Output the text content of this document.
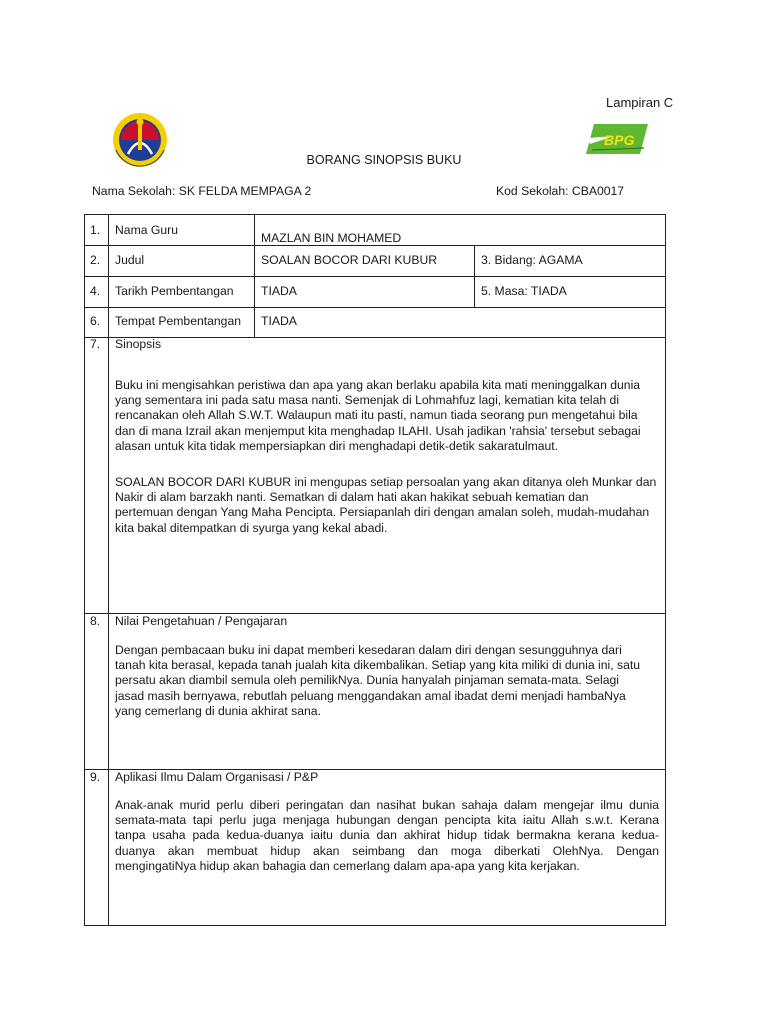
Lampiran C
BPG
BORANG SINOPSIS BUKU
Nama Sekolah: SK FELDA MEMPAGA 2	Kod Sekolah: CBA0017
1. Nama Guru
MAZLAN BIN MOHAMED
2. Judul	SOALAN BOCOR DARI KUBUR	3. Bidang: AGAMA
4. Tarikh Pembentangan TIADA	5. Masa: TIADA
6. Tempat Pembentangan TIADA
7. Sinopsis
Buku ini mengisahkan peristiwa dan apa yang akan berlaku apabila kita mati meninggalkan dunia
yang sementara ini pada satu masa nanti. Semenjak di Lohmahfuz lagi, kematian kita telah di
rencanakan oleh Allah S.W.T. Walaupun mati itu pasti, namun tiada seorang pun mengetahui bila
dan di mana Izrail akan menjemput kita menghadap ILAHI. Usah jadikan 'rahsia' tersebut sebagai
alasan untuk kita tidak mempersiapkan diri menghadapi detik-detik sakaratulmaut.
SOALAN BOCOR DARI KUBUR ini mengupas setiap persoalan yang akan ditanya oleh Munkar dan
Nakir di alam barzakh nanti. Sematkan di dalam hati akan hakikat sebuah kematian dan
pertemuan dengan Yang Maha Pencipta. Persiapanlah diri dengan amalan soleh, mudah-mudahan
kita bakal ditempatkan di syurga yang kekal abadi.
8. Nilai Pengetahuan / Pengajaran
Dengan pembacaan buku ini dapat memberi kesedaran dalam diri dengan sesungguhnya dari
tanah kita berasal, kepada tanah jualah kita dikembalikan. Setiap yang kita miliki di dunia ini, satu
persatu akan diambil semula oleh pemilikNya. Dunia hanyalah pinjaman semata-mata. Selagi
jasad masih bernyawa, rebutlah peluang menggandakan amal ibadat demi menjadi hambaNya
yang cemerlang di dunia akhirat sana.
9. Aplikasi Ilmu Dalam Organisasi / P&P
Anak-anak murid perlu diberi peringatan dan nasihat bukan sahaja dalam mengejar ilmu dunia
semata-mata tapi perlu juga menjaga hubungan dengan pencipta kita iaitu Allah s.w.t. Kerana
tanpa usaha pada kedua-duanya iaitu dunia dan akhirat hidup tidak bermakna kerana kedua-
duanya akan membuat hidup akan seimbang dan moga diberkati OlehNya. Dengan
mengingatiNya hidup akan bahagia dan cemerlang dalam apa-apa yang kita kerjakan.
